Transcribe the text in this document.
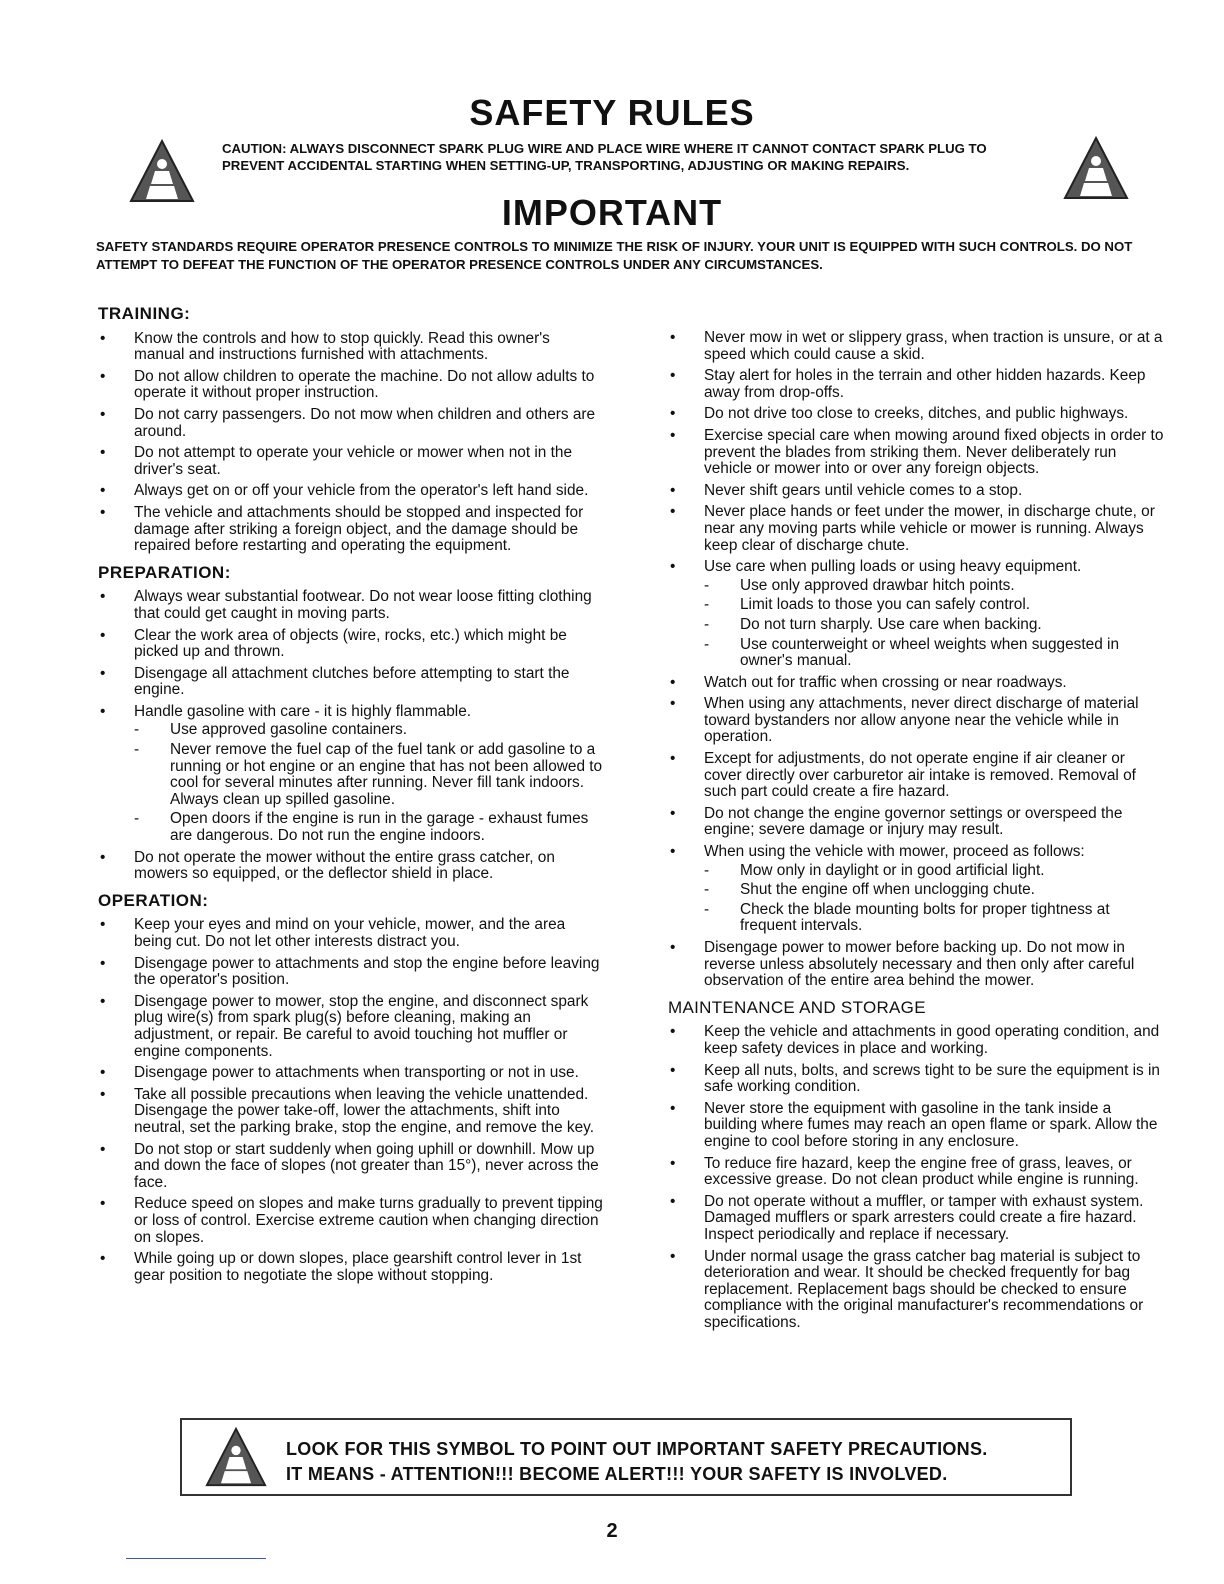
SAFETY RULES
CAUTION: ALWAYS DISCONNECT SPARK PLUG WIRE AND PLACE WIRE WHERE IT CANNOT CONTACT SPARK PLUG TO PREVENT ACCIDENTAL STARTING WHEN SETTING-UP, TRANSPORTING, ADJUSTING OR MAKING REPAIRS.
IMPORTANT
SAFETY STANDARDS REQUIRE OPERATOR PRESENCE CONTROLS TO MINIMIZE THE RISK OF INJURY. YOUR UNIT IS EQUIPPED WITH SUCH CONTROLS. DO NOT ATTEMPT TO DEFEAT THE FUNCTION OF THE OPERATOR PRESENCE CONTROLS UNDER ANY CIRCUMSTANCES.
TRAINING:
• Know the controls and how to stop quickly. Read this owner's manual and instructions furnished with attachments.
• Do not allow children to operate the machine. Do not allow adults to operate it without proper instruction.
• Do not carry passengers. Do not mow when children and others are around.
• Do not attempt to operate your vehicle or mower when not in the driver's seat.
• Always get on or off your vehicle from the operator's left hand side.
• The vehicle and attachments should be stopped and inspected for damage after striking a foreign object, and the damage should be repaired before restarting and operating the equipment.
PREPARATION:
• Always wear substantial footwear. Do not wear loose fitting clothing that could get caught in moving parts.
• Clear the work area of objects (wire, rocks, etc.) which might be picked up and thrown.
• Disengage all attachment clutches before attempting to start the engine.
• Handle gasoline with care - it is highly flammable.
- Use approved gasoline containers.
- Never remove the fuel cap of the fuel tank or add gasoline to a running or hot engine or an engine that has not been allowed to cool for several minutes after running. Never fill tank indoors. Always clean up spilled gasoline.
- Open doors if the engine is run in the garage - exhaust fumes are dangerous. Do not run the engine indoors.
• Do not operate the mower without the entire grass catcher, on mowers so equipped, or the deflector shield in place.
OPERATION:
• Keep your eyes and mind on your vehicle, mower, and the area being cut. Do not let other interests distract you.
• Disengage power to attachments and stop the engine before leaving the operator's position.
• Disengage power to mower, stop the engine, and disconnect spark plug wire(s) from spark plug(s) before cleaning, making an adjustment, or repair. Be careful to avoid touching hot muffler or engine components.
• Disengage power to attachments when transporting or not in use.
• Take all possible precautions when leaving the vehicle unattended. Disengage the power take-off, lower the attachments, shift into neutral, set the parking brake, stop the engine, and remove the key.
• Do not stop or start suddenly when going uphill or downhill. Mow up and down the face of slopes (not greater than 15°), never across the face.
• Reduce speed on slopes and make turns gradually to prevent tipping or loss of control. Exercise extreme caution when changing direction on slopes.
• While going up or down slopes, place gearshift control lever in 1st gear position to negotiate the slope without stopping.
• Never mow in wet or slippery grass, when traction is unsure, or at a speed which could cause a skid.
• Stay alert for holes in the terrain and other hidden hazards. Keep away from drop-offs.
• Do not drive too close to creeks, ditches, and public highways.
• Exercise special care when mowing around fixed objects in order to prevent the blades from striking them. Never deliberately run vehicle or mower into or over any foreign objects.
• Never shift gears until vehicle comes to a stop.
• Never place hands or feet under the mower, in discharge chute, or near any moving parts while vehicle or mower is running. Always keep clear of discharge chute.
• Use care when pulling loads or using heavy equipment.
- Use only approved drawbar hitch points.
- Limit loads to those you can safely control.
- Do not turn sharply. Use care when backing.
- Use counterweight or wheel weights when suggested in owner's manual.
• Watch out for traffic when crossing or near roadways.
• When using any attachments, never direct discharge of material toward bystanders nor allow anyone near the vehicle while in operation.
• Except for adjustments, do not operate engine if air cleaner or cover directly over carburetor air intake is removed. Removal of such part could create a fire hazard.
• Do not change the engine governor settings or overspeed the engine; severe damage or injury may result.
• When using the vehicle with mower, proceed as follows:
- Mow only in daylight or in good artificial light.
- Shut the engine off when unclogging chute.
- Check the blade mounting bolts for proper tightness at frequent intervals.
• Disengage power to mower before backing up. Do not mow in reverse unless absolutely necessary and then only after careful observation of the entire area behind the mower.
MAINTENANCE AND STORAGE
• Keep the vehicle and attachments in good operating condition, and keep safety devices in place and working.
• Keep all nuts, bolts, and screws tight to be sure the equipment is in safe working condition.
• Never store the equipment with gasoline in the tank inside a building where fumes may reach an open flame or spark. Allow the engine to cool before storing in any enclosure.
• To reduce fire hazard, keep the engine free of grass, leaves, or excessive grease. Do not clean product while engine is running.
• Do not operate without a muffler, or tamper with exhaust system. Damaged mufflers or spark arresters could create a fire hazard. Inspect periodically and replace if necessary.
• Under normal usage the grass catcher bag material is subject to deterioration and wear. It should be checked frequently for bag replacement. Replacement bags should be checked to ensure compliance with the original manufacturer's recommendations or specifications.
LOOK FOR THIS SYMBOL TO POINT OUT IMPORTANT SAFETY PRECAUTIONS.
IT MEANS - ATTENTION!!! BECOME ALERT!!! YOUR SAFETY IS INVOLVED.
2
